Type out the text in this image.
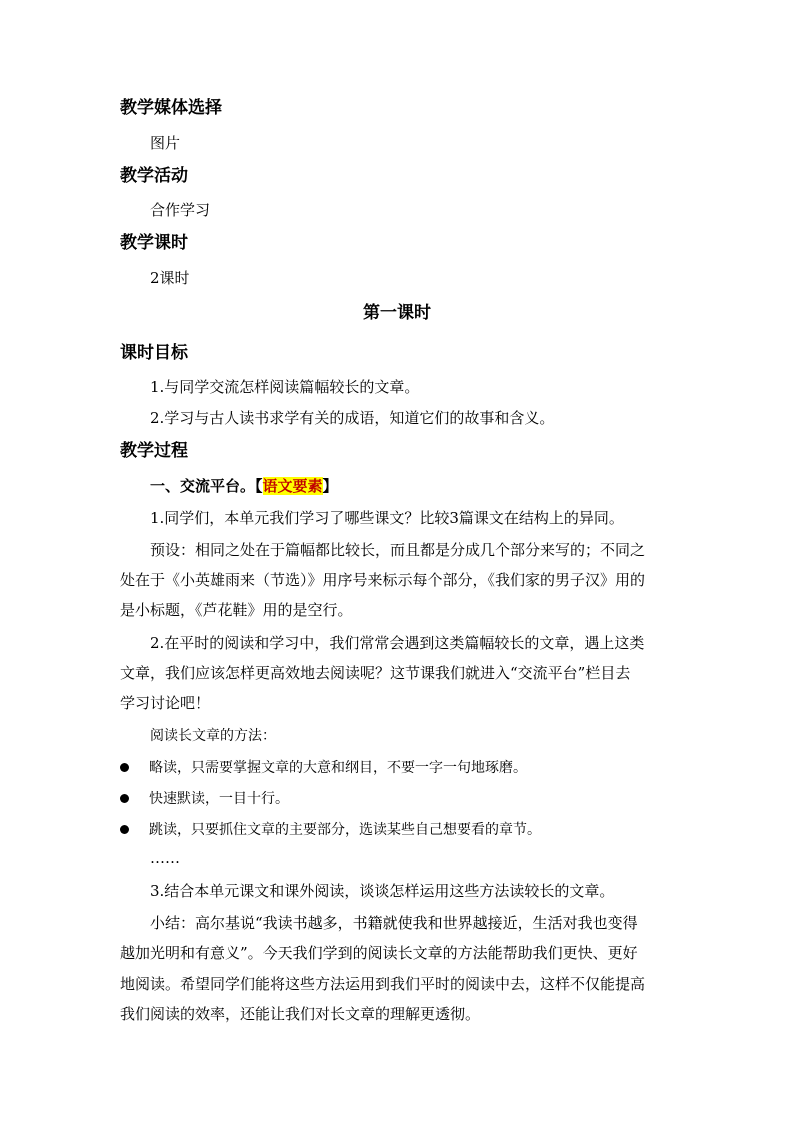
教学媒体选择
图片
教学活动
合作学习
教学课时
2课时
第一课时
课时目标
1.与同学交流怎样阅读篇幅较长的文章。
2.学习与古人读书求学有关的成语，知道它们的故事和含义。
教学过程
一、交流平台。【语文要素】
1.同学们，本单元我们学习了哪些课文？比较3篇课文在结构上的异同。
预设：相同之处在于篇幅都比较长，而且都是分成几个部分来写的；不同之
处在于《小英雄雨来（节选）》用序号来标示每个部分，《我们家的男子汉》用的
是小标题，《芦花鞋》用的是空行。
2.在平时的阅读和学习中，我们常常会遇到这类篇幅较长的文章，遇上这类
文章，我们应该怎样更高效地去阅读呢？这节课我们就进入“交流平台”栏目去
学习讨论吧！
阅读长文章的方法：
略读，只需要掌握文章的大意和纲目，不要一字一句地琢磨。
快速默读，一目十行。
跳读，只要抓住文章的主要部分，选读某些自己想要看的章节。
……
3.结合本单元课文和课外阅读，谈谈怎样运用这些方法读较长的文章。
小结：高尔基说“我读书越多，书籍就使我和世界越接近，生活对我也变得
越加光明和有意义”。今天我们学到的阅读长文章的方法能帮助我们更快、更好
地阅读。希望同学们能将这些方法运用到我们平时的阅读中去，这样不仅能提高
我们阅读的效率，还能让我们对长文章的理解更透彻。
